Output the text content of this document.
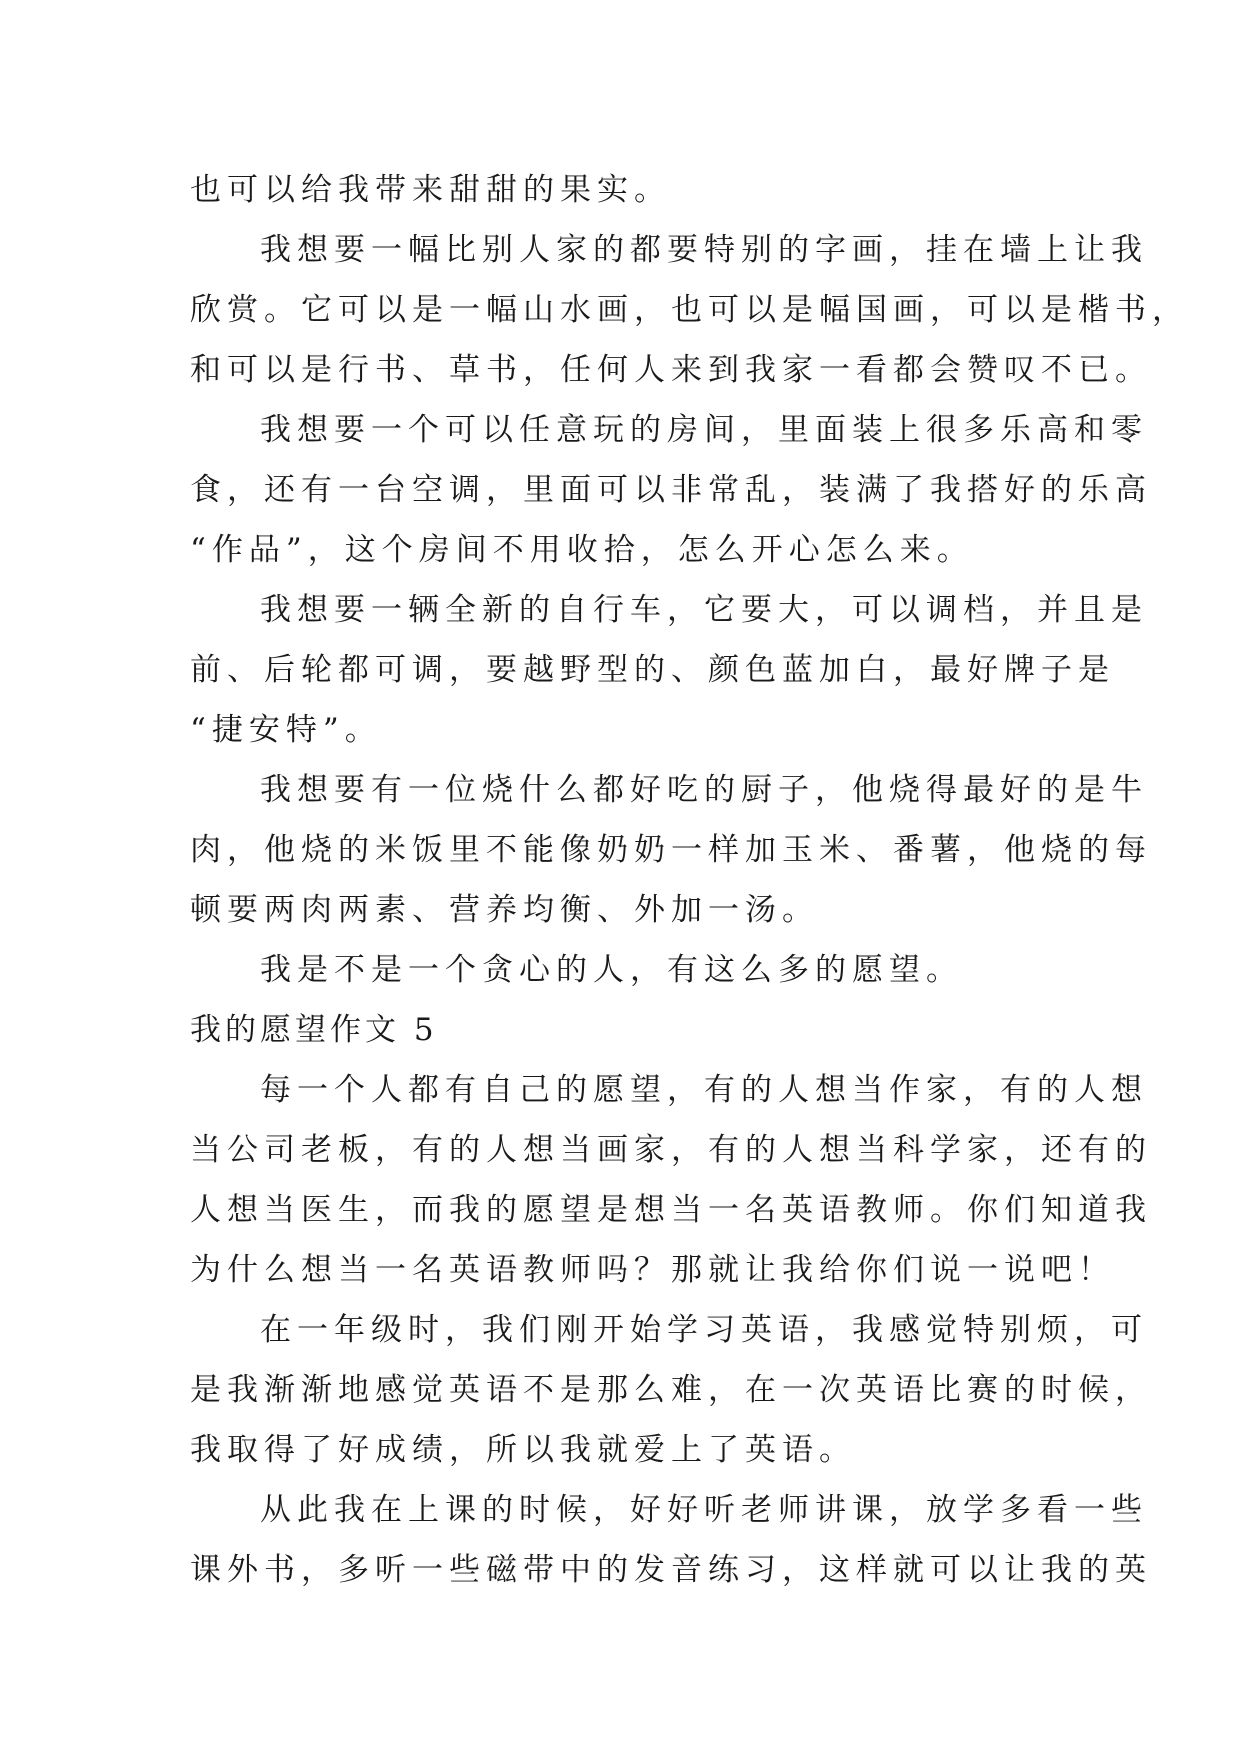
也可以给我带来甜甜的果实。
我想要一幅比别人家的都要特别的字画，挂在墙上让我
欣赏。它可以是一幅山水画，也可以是幅国画，可以是楷书，
和可以是行书、草书，任何人来到我家一看都会赞叹不已。
我想要一个可以任意玩的房间，里面装上很多乐高和零
食，还有一台空调，里面可以非常乱，装满了我搭好的乐高
“作品”，这个房间不用收拾，怎么开心怎么来。
我想要一辆全新的自行车，它要大，可以调档，并且是
前、后轮都可调，要越野型的、颜色蓝加白，最好牌子是
“捷安特”。
我想要有一位烧什么都好吃的厨子，他烧得最好的是牛
肉，他烧的米饭里不能像奶奶一样加玉米、番薯，他烧的每
顿要两肉两素、营养均衡、外加一汤。
我是不是一个贪心的人，有这么多的愿望。
我的愿望作文 5
每一个人都有自己的愿望，有的人想当作家，有的人想
当公司老板，有的人想当画家，有的人想当科学家，还有的
人想当医生，而我的愿望是想当一名英语教师。你们知道我
为什么想当一名英语教师吗？那就让我给你们说一说吧！
在一年级时，我们刚开始学习英语，我感觉特别烦，可
是我渐渐地感觉英语不是那么难，在一次英语比赛的时候，
我取得了好成绩，所以我就爱上了英语。
从此我在上课的时候，好好听老师讲课，放学多看一些
课外书，多听一些磁带中的发音练习，这样就可以让我的英
